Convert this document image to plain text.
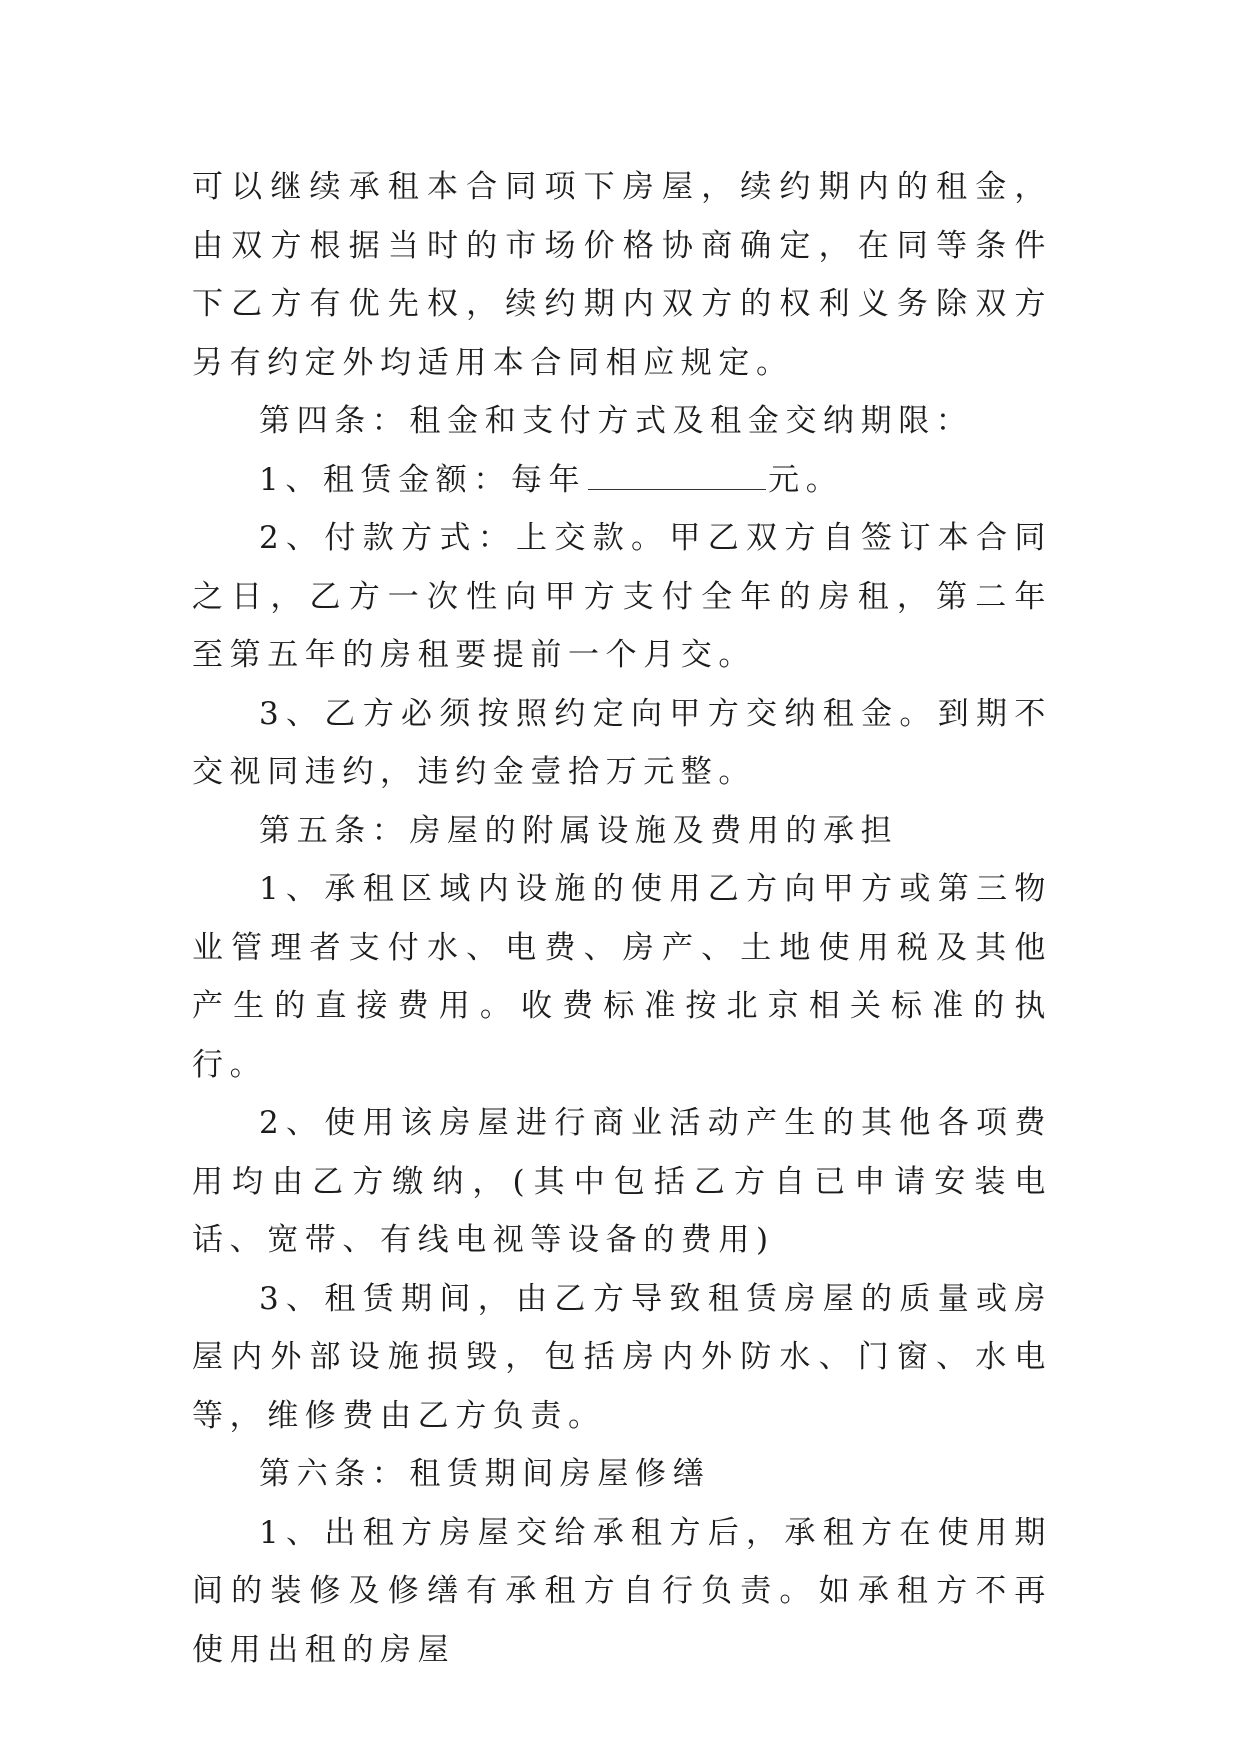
可以继续承租本合同项下房屋，续约期内的租金，由双方根据当时的市场价格协商确定，在同等条件下乙方有优先权，续约期内双方的权利义务除双方另有约定外均适用本合同相应规定。

第四条：租金和支付方式及租金交纳期限：

1、租赁金额：每年	元。

2、付款方式：上交款。甲乙双方自签订本合同之日，乙方一次性向甲方支付全年的房租，第二年至第五年的房租要提前一个月交。

3、乙方必须按照约定向甲方交纳租金。到期不交视同违约，违约金壹拾万元整。

第五条：房屋的附属设施及费用的承担

1、承租区域内设施的使用乙方向甲方或第三物业管理者支付水、电费、房产、土地使用税及其他产生的直接费用。收费标准按北京相关标准的执行。

2、使用该房屋进行商业活动产生的其他各项费用均由乙方缴纳，(其中包括乙方自已申请安装电话、宽带、有线电视等设备的费用)

3、租赁期间，由乙方导致租赁房屋的质量或房屋内外部设施损毁，包括房内外防水、门窗、水电等，维修费由乙方负责。

第六条：租赁期间房屋修缮

1、出租方房屋交给承租方后，承租方在使用期间的装修及修缮有承租方自行负责。如承租方不再使用出租的房屋
